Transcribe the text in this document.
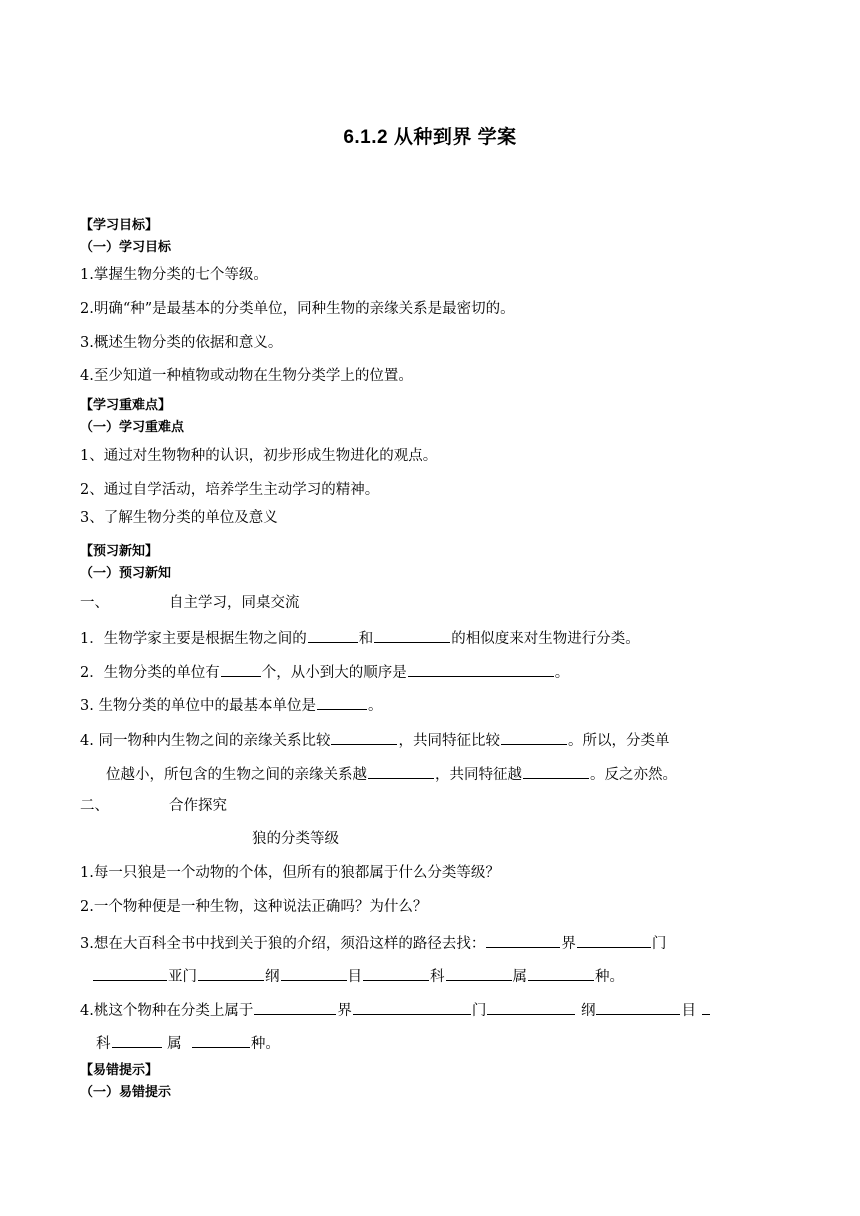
6.1.2 从种到界 学案
【学习目标】
（一）学习目标
1.掌握生物分类的七个等级。
2.明确“种”是最基本的分类单位，同种生物的亲缘关系是最密切的。
3.概述生物分类的依据和意义。
4.至少知道一种植物或动物在生物分类学上的位置。
【学习重难点】
（一）学习重难点
1、通过对生物物种的认识，初步形成生物进化的观点。
2、通过自学活动，培养学生主动学习的精神。
3、了解生物分类的单位及意义
【预习新知】
（一）预习新知
一、	自主学习，同桌交流
1．生物学家主要是根据生物之间的	和	的相似度来对生物进行分类。
2．生物分类的单位有	个，从小到大的顺序是	。
3. 生物分类的单位中的最基本单位是	。
4. 同一物种内生物之间的亲缘关系比较	，共同特征比较	。所以，分类单
位越小，所包含的生物之间的亲缘关系越	，共同特征越	。反之亦然。
二、	合作探究
狼的分类等级
1.每一只狼是一个动物的个体，但所有的狼都属于什么分类等级？
2.一个物种便是一种生物，这种说法正确吗？为什么？
3.想在大百科全书中找到关于狼的介绍，须沿这样的路径去找：	界	门
亚门	纲	目	科	属	种。
4.桃这个物种在分类上属于	界	门	纲	目
科	属	种。
【易错提示】
（一）易错提示
